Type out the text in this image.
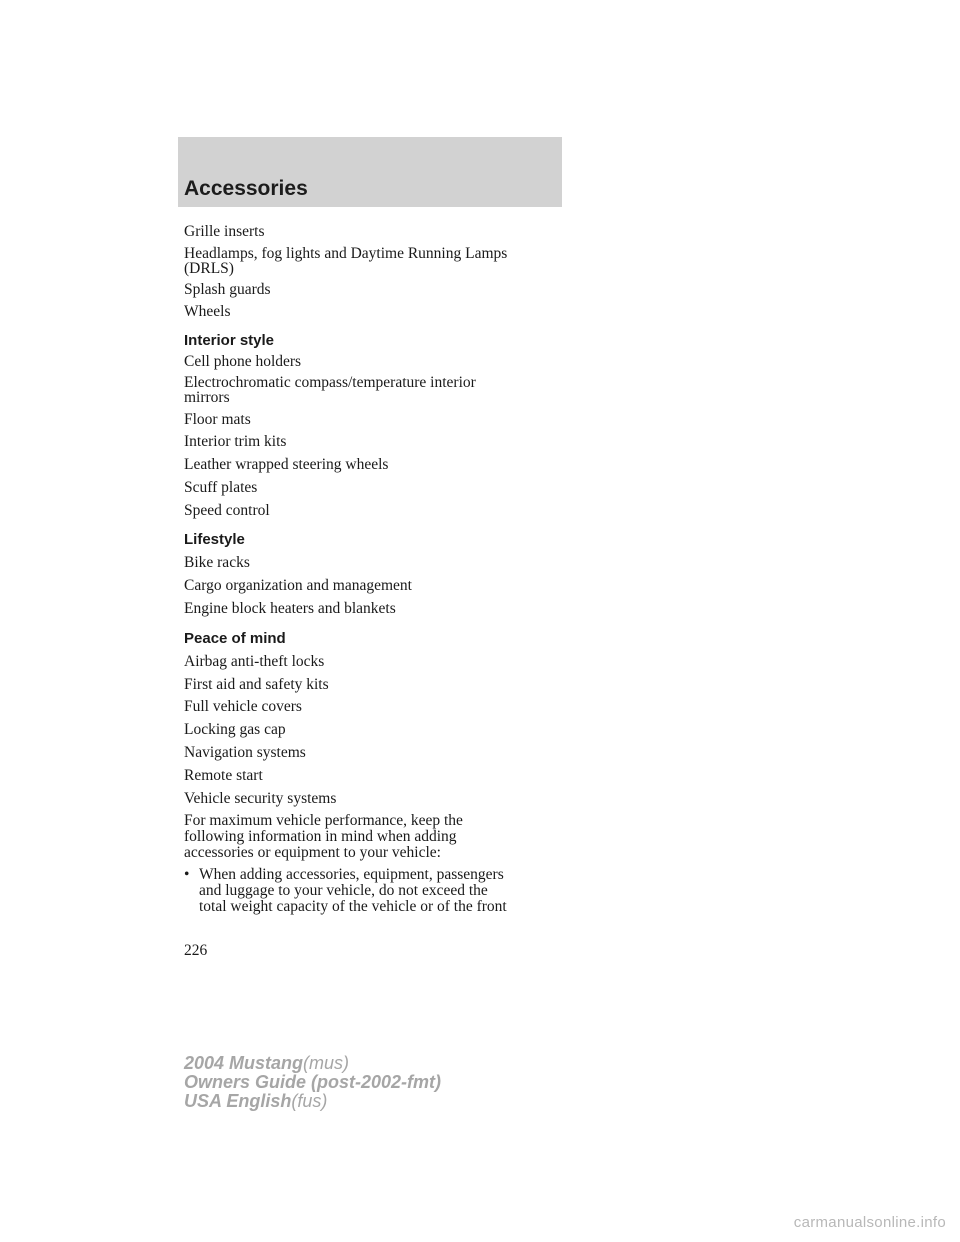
Accessories
Grille inserts
Headlamps, fog lights and Daytime Running Lamps
(DRLS)
Splash guards
Wheels
Interior style
Cell phone holders
Electrochromatic compass/temperature interior
mirrors
Floor mats
Interior trim kits
Leather wrapped steering wheels
Scuff plates
Speed control
Lifestyle
Bike racks
Cargo organization and management
Engine block heaters and blankets
Peace of mind
Airbag anti-theft locks
First aid and safety kits
Full vehicle covers
Locking gas cap
Navigation systems
Remote start
Vehicle security systems
For maximum vehicle performance, keep the
following information in mind when adding
accessories or equipment to your vehicle:
• When adding accessories, equipment, passengers
and luggage to your vehicle, do not exceed the
total weight capacity of the vehicle or of the front
226
2004 Mustang(mus)
Owners Guide (post-2002-fmt)
USA English(fus)
carmanualsonline.info
